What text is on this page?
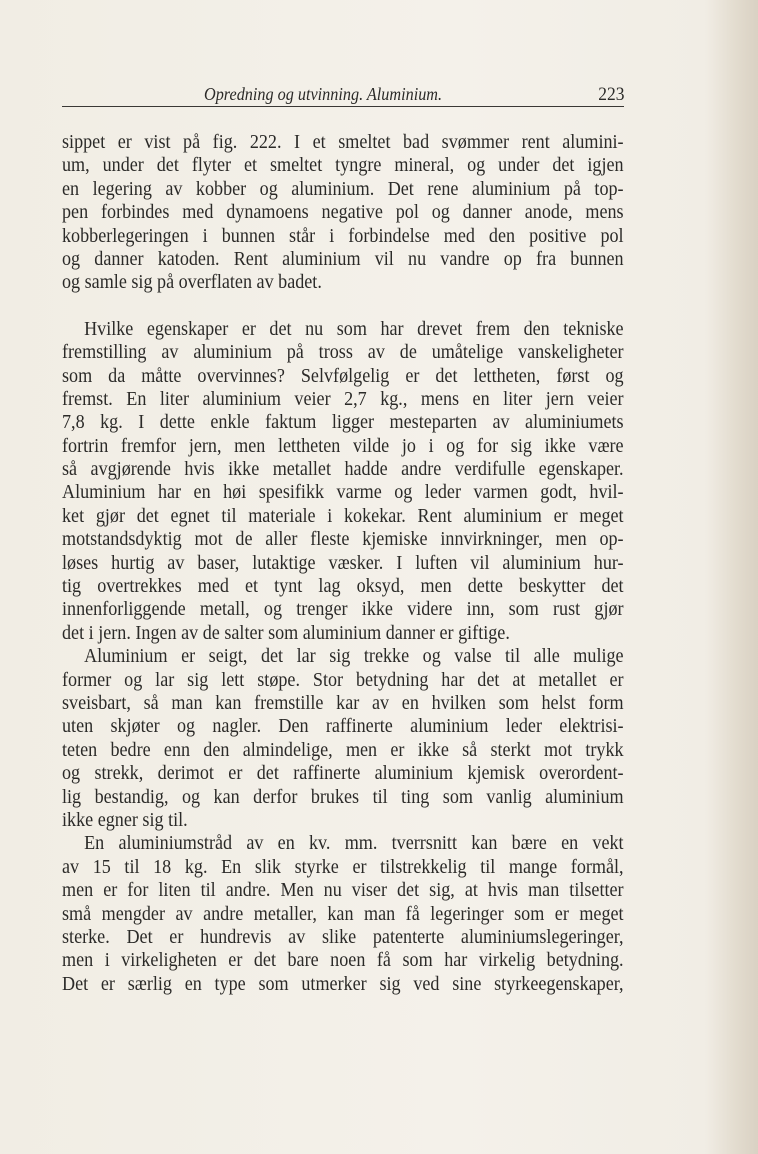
Opredning og utvinning. Aluminium.	223
sippet er vist på fig. 222. I et smeltet bad svømmer rent alumini-
um, under det flyter et smeltet tyngre mineral, og under det igjen
en legering av kobber og aluminium. Det rene aluminium på top-
pen forbindes med dynamoens negative pol og danner anode, mens
kobberlegeringen i bunnen står i forbindelse med den positive pol
og danner katoden. Rent aluminium vil nu vandre op fra bunnen
og samle sig på overflaten av badet.
Hvilke egenskaper er det nu som har drevet frem den tekniske
fremstilling av aluminium på tross av de umåtelige vanskeligheter
som da måtte overvinnes? Selvfølgelig er det lettheten, først og
fremst. En liter aluminium veier 2,7 kg., mens en liter jern veier
7,8 kg. I dette enkle faktum ligger mesteparten av aluminiumets
fortrin fremfor jern, men lettheten vilde jo i og for sig ikke være
så avgjørende hvis ikke metallet hadde andre verdifulle egenskaper.
Aluminium har en høi spesifikk varme og leder varmen godt, hvil-
ket gjør det egnet til materiale i kokekar. Rent aluminium er meget
motstandsdyktig mot de aller fleste kjemiske innvirkninger, men op-
løses hurtig av baser, lutaktige væsker. I luften vil aluminium hur-
tig overtrekkes med et tynt lag oksyd, men dette beskytter det
innenforliggende metall, og trenger ikke videre inn, som rust gjør
det i jern. Ingen av de salter som aluminium danner er giftige.
Aluminium er seigt, det lar sig trekke og valse til alle mulige
former og lar sig lett støpe. Stor betydning har det at metallet er
sveisbart, så man kan fremstille kar av en hvilken som helst form
uten skjøter og nagler. Den raffinerte aluminium leder elektrisi-
teten bedre enn den almindelige, men er ikke så sterkt mot trykk
og strekk, derimot er det raffinerte aluminium kjemisk overordent-
lig bestandig, og kan derfor brukes til ting som vanlig aluminium
ikke egner sig til.
En aluminiumstråd av en kv. mm. tverrsnitt kan bære en vekt
av 15 til 18 kg. En slik styrke er tilstrekkelig til mange formål,
men er for liten til andre. Men nu viser det sig, at hvis man tilsetter
små mengder av andre metaller, kan man få legeringer som er meget
sterke. Det er hundrevis av slike patenterte aluminiumslegeringer,
men i virkeligheten er det bare noen få som har virkelig betydning.
Det er særlig en type som utmerker sig ved sine styrkeegenskaper,
